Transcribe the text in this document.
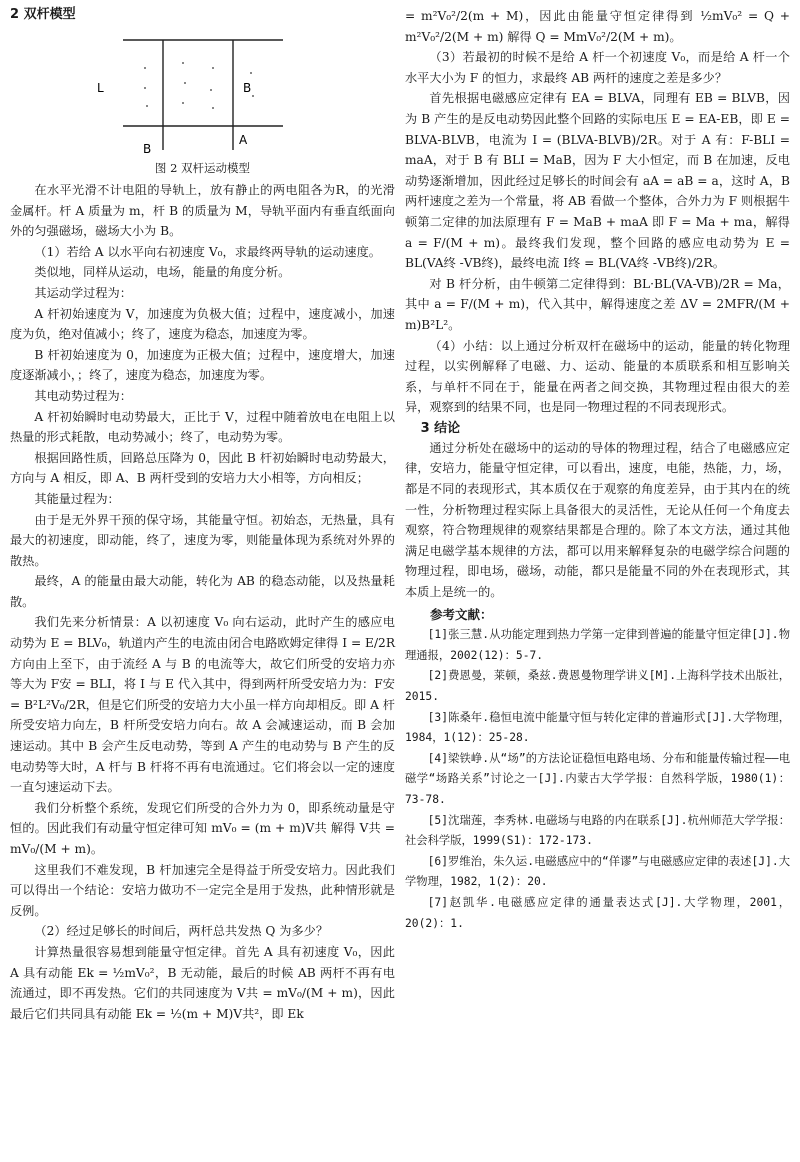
2 双杆模型
L	B
B
A
图 2 双杆运动模型

在水平光滑不计电阻的导轨上，放有静止的两电阻各为R，的光滑金属杆。杆 A 质量为 m，杆 B 的质量为 M，导轨平面内有垂直纸面向外的匀强磁场，磁场大小为 B。

（1）若给 A 以水平向右初速度 V₀，求最终两导轨的运动速度。

类似地，同样从运动，电场，能量的角度分析。

其运动学过程为：

A 杆初始速度为 V，加速度为负极大值；过程中，速度减小，加速度为负，绝对值减小；终了，速度为稳态，加速度为零。

B 杆初始速度为 0，加速度为正极大值；过程中，速度增大，加速度逐渐减小，；终了，速度为稳态，加速度为零。

其电动势过程为：

A 杆初始瞬时电动势最大，正比于 V，过程中随着放电在电阻上以热量的形式耗散，电动势减小；终了，电动势为零。

根据回路性质，回路总压降为 0，因此 B 杆初始瞬时电动势最大，方向与 A 相反，即 A、B 两杆受到的安培力大小相等，方向相反；

其能量过程为：

由于是无外界干预的保守场，其能量守恒。初始态，无热量，具有最大的初速度，即动能，终了，速度为零，则能量体现为系统对外界的散热。

最终，A 的能量由最大动能，转化为 AB 的稳态动能，以及热量耗散。

我们先来分析情景：A 以初速度 V₀ 向右运动，此时产生的感应电动势为 E = BLV₀，轨道内产生的电流由闭合电路欧姆定律得 I = E/2R 方向由上至下，由于流经 A 与 B 的电流等大，故它们所受的安培力亦等大为 F安 = BLI，将 I 与 E 代入其中，得到两杆所受安培力为：F安 = B²L²V₀/2R，但是它们所受的安培力大小虽一样方向却相反。即 A 杆所受安培力向左，B 杆所受安培力向右。故 A 会减速运动，而 B 会加速运动。其中 B 会产生反电动势，等到 A 产生的电动势与 B 产生的反电动势等大时，A 杆与 B 杆将不再有电流通过。它们将会以一定的速度一直匀速运动下去。

我们分析整个系统，发现它们所受的合外力为 0，即系统动量是守恒的。因此我们有动量守恒定律可知 mV₀ = (m + m)V共 解得 V共 = mV₀/(M + m)。

这里我们不难发现，B 杆加速完全是得益于所受安培力。因此我们可以得出一个结论：安培力做功不一定完全是用于发热，此种情形就是反例。

（2）经过足够长的时间后，两杆总共发热 Q 为多少？

计算热量很容易想到能量守恒定律。首先 A 具有初速度 V₀，因此 A 具有动能 Ek = ½mV₀²，B 无动能，最后的时候 AB 两杆不再有电流通过，即不再发热。它们的共同速度为 V共 = mV₀/(M + m)，因此最后它们共同具有动能 Ek = ½(m + M)V共²，即 Ek

= m²V₀²/2(m + M)，因此由能量守恒定律得到 ½mV₀² = Q + m²V₀²/2(M + m) 解得 Q = MmV₀²/2(M + m)。

（3）若最初的时候不是给 A 杆一个初速度 V₀，而是给 A 杆一个水平大小为 F 的恒力，求最终 AB 两杆的速度之差是多少？

首先根据电磁感应定律有 EA = BLVA，同理有 EB = BLVB，因为 B 产生的是反电动势因此整个回路的实际电压 E = EA-EB，即 E = BLVA-BLVB，电流为 I = (BLVA-BLVB)/2R。对于 A 有：F-BLI = maA，对于 B 有 BLI = MaB，因为 F 大小恒定，而 B 在加速，反电动势逐渐增加，因此经过足够长的时间会有 aA = aB = a，这时 A，B 两杆速度之差为一个常量，将 AB 看做一个整体，合外力为 F 则根据牛顿第二定律的加法原理有 F = MaB + maA 即 F = Ma + ma，解得 a = F/(M + m)。最终我们发现，整个回路的感应电动势为 E = BL(VA终 -VB终)，最终电流 I终 = BL(VA终 -VB终)/2R。

对 B 杆分析，由牛顿第二定律得到：BL·BL(VA-VB)/2R = Ma，其中 a = F/(M + m)，代入其中，解得速度之差 ΔV = 2MFR/(M + m)B²L²。

（4）小结：以上通过分析双杆在磁场中的运动，能量的转化物理过程，以实例解释了电磁、力、运动、能量的本质联系和相互影响关系，与单杆不同在于，能量在两者之间交换，其物理过程由很大的差异，观察到的结果不同，也是同一物理过程的不同表现形式。

3 结论

通过分析处在磁场中的运动的导体的物理过程，结合了电磁感应定律，安培力，能量守恒定律，可以看出，速度，电能，热能，力，场，都是不同的表现形式，其本质仅在于观察的角度差异，由于其内在的统一性，分析物理过程实际上具备很大的灵活性，无论从任何一个角度去观察，符合物理规律的观察结果都是合理的。除了本文方法，通过其他满足电磁学基本规律的方法，都可以用来解释复杂的电磁学综合问题的物理过程，即电场，磁场，动能，都只是能量不同的外在表现形式，其本质上是统一的。

参考文献：

[1]张三慧.从功能定理到热力学第一定律到普遍的能量守恒定律[J].物理通报，2002(12)：5-7.

[2]费恩曼，莱顿，桑兹.费恩曼物理学讲义[M].上海科学技术出版社，2015.

[3]陈桑年.稳恒电流中能量守恒与转化定律的普遍形式[J].大学物理，1984，1(12)：25-28.

[4]梁铁峥.从“场”的方法论证稳恒电路电场、分布和能量传输过程——电磁学“场路关系”讨论之一[J].内蒙古大学学报：自然科学版，1980(1)：73-78.

[5]沈瑞莲，李秀林.电磁场与电路的内在联系[J].杭州师范大学学报：社会科学版，1999(S1)：172-173.

[6]罗维治，朱久运.电磁感应中的“佯谬”与电磁感应定律的表述[J].大学物理，1982，1(2)：20.

[7]赵凯华.电磁感应定律的通量表达式[J].大学物理，2001，20(2)：1.
